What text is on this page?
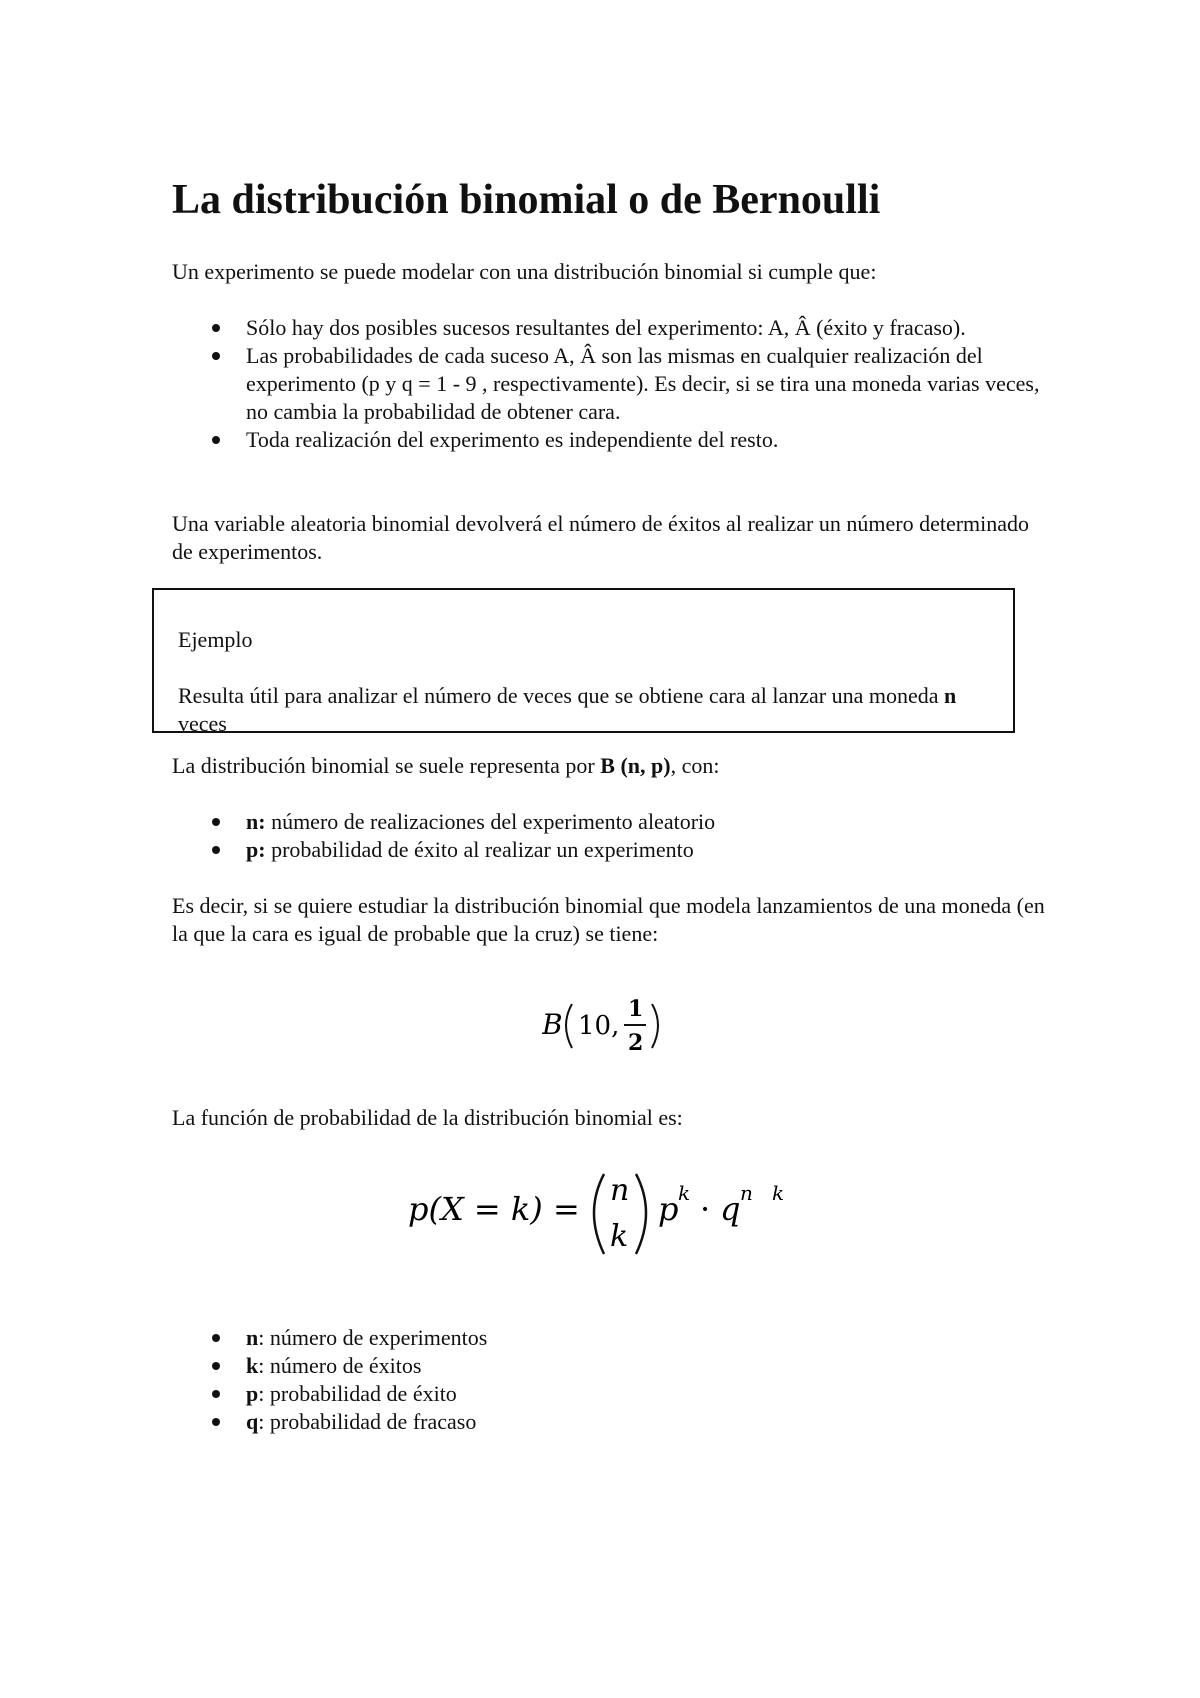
La distribución binomial o de Bernoulli

Un experimento se puede modelar con una distribución binomial si cumple que:

Sólo hay dos posibles sucesos resultantes del experimento: A, Â (éxito y fracaso).
Las probabilidades de cada suceso A, Â son las mismas en cualquier realización del experimento (p y q = 1 - 9 , respectivamente). Es decir, si se tira una moneda varias veces, no cambia la probabilidad de obtener cara.
Toda realización del experimento es independiente del resto.

Una variable aleatoria binomial devolverá el número de éxitos al realizar un número determinado de experimentos.

Ejemplo
Resulta útil para analizar el número de veces que se obtiene cara al lanzar una moneda n veces

La distribución binomial se suele representa por B (n, p), con:

n: número de realizaciones del experimento aleatorio
p: probabilidad de éxito al realizar un experimento

Es decir, si se quiere estudiar la distribución binomial que modela lanzamientos de una moneda (en la que la cara es igual de probable que la cruz) se tiene:

B 10,
1
2

La función de probabilidad de la distribución binomial es:

p(X = k) = n
k
p k · q n   k
n: número de experimentos
k: número de éxitos
p: probabilidad de éxito
q: probabilidad de fracaso
